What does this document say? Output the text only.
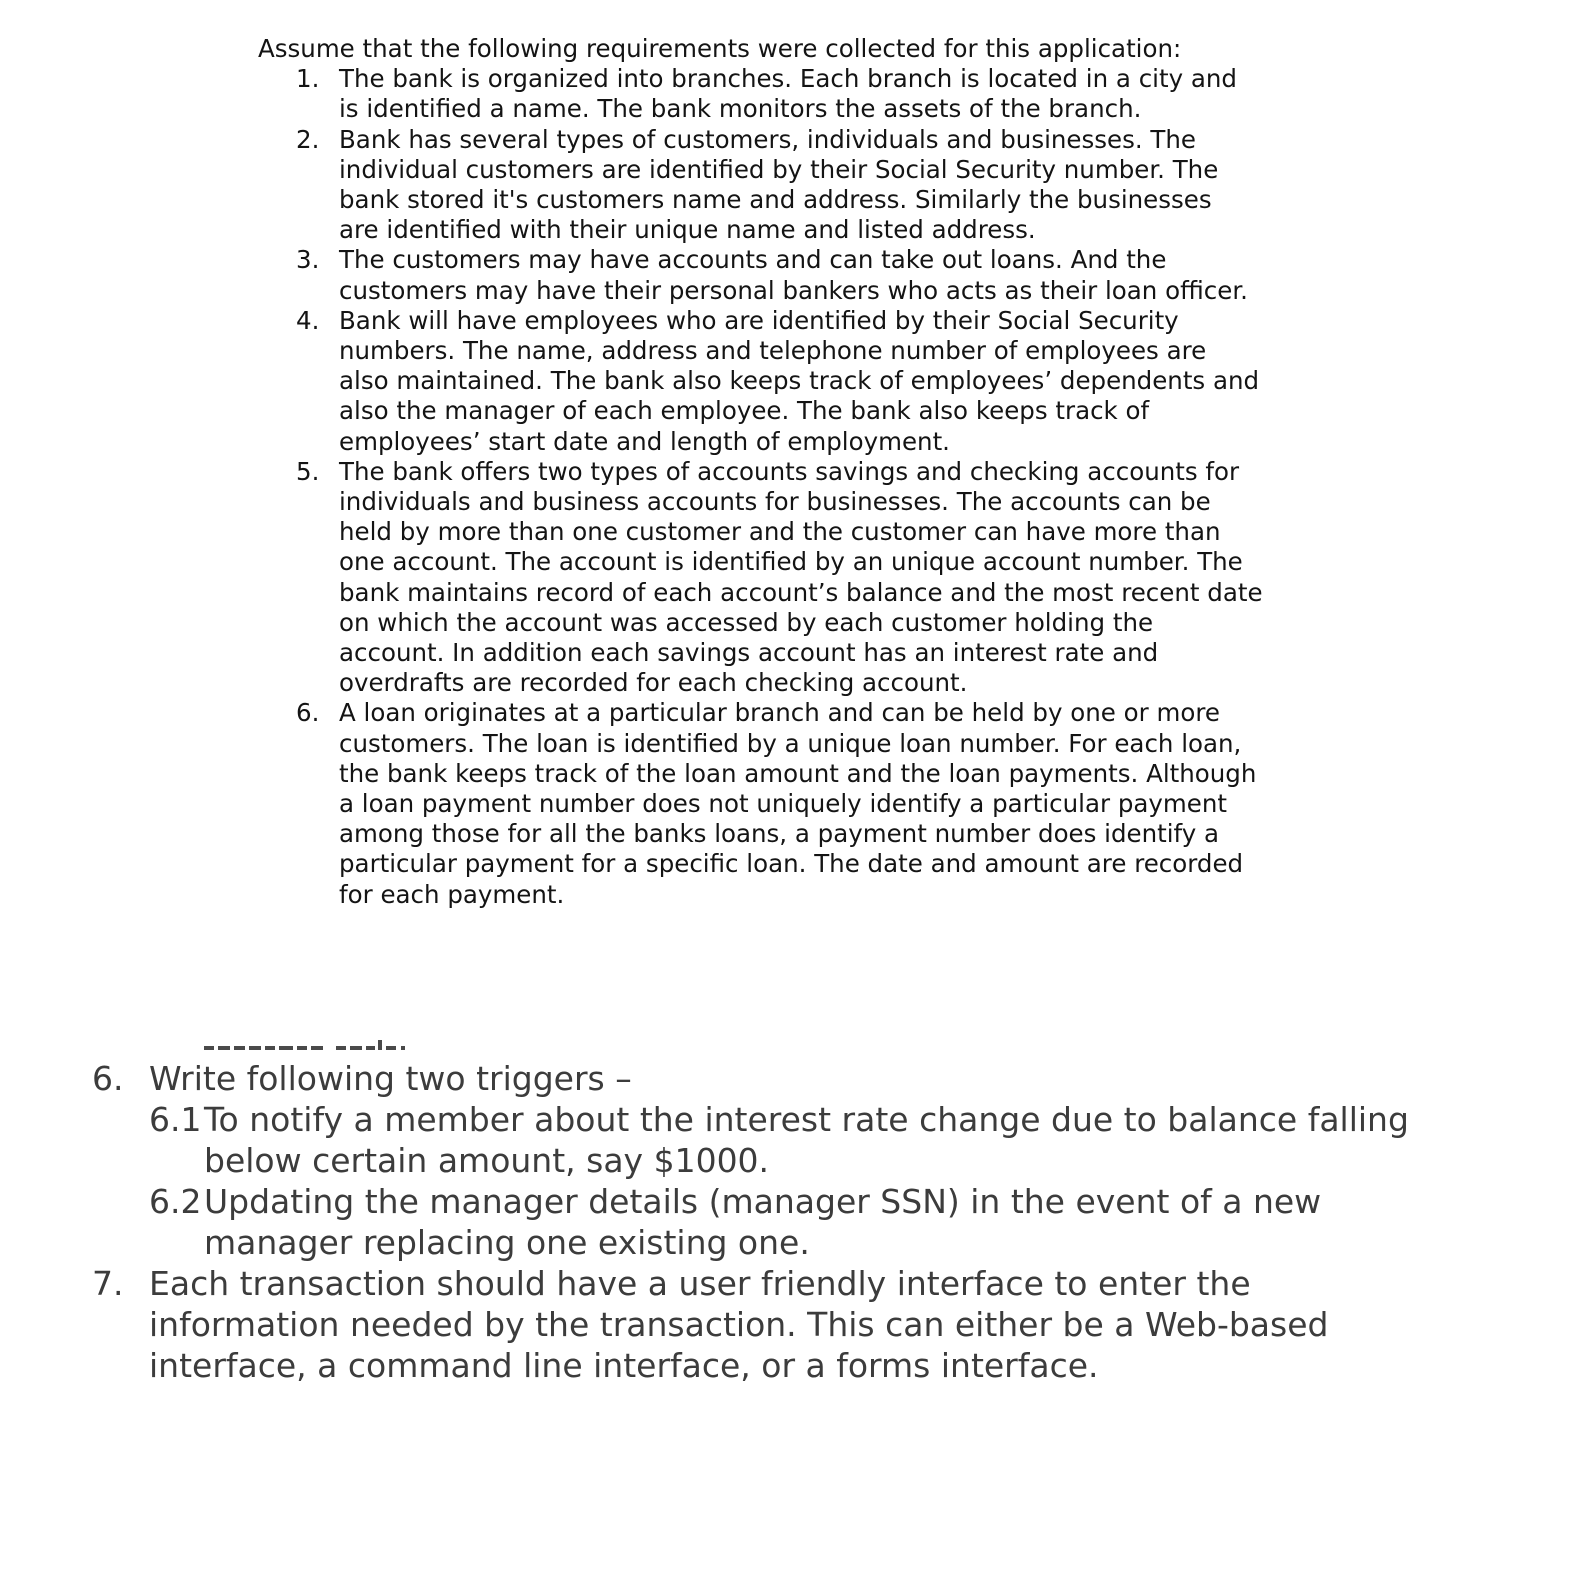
Assume that the following requirements were collected for this application:

1. The bank is organized into branches. Each branch is located in a city and
is identified a name. The bank monitors the assets of the branch.
2. Bank has several types of customers, individuals and businesses. The
individual customers are identified by their Social Security number. The
bank stored it's customers name and address. Similarly the businesses
are identified with their unique name and listed address.
3. The customers may have accounts and can take out loans. And the
customers may have their personal bankers who acts as their loan officer.
4. Bank will have employees who are identified by their Social Security
numbers. The name, address and telephone number of employees are
also maintained. The bank also keeps track of employees’ dependents and
also the manager of each employee. The bank also keeps track of
employees’ start date and length of employment.
5. The bank offers two types of accounts savings and checking accounts for
individuals and business accounts for businesses. The accounts can be
held by more than one customer and the customer can have more than
one account. The account is identified by an unique account number. The
bank maintains record of each account’s balance and the most recent date
on which the account was accessed by each customer holding the
account. In addition each savings account has an interest rate and
overdrafts are recorded for each checking account.
6. A loan originates at a particular branch and can be held by one or more
customers. The loan is identified by a unique loan number. For each loan,
the bank keeps track of the loan amount and the loan payments. Although
a loan payment number does not uniquely identify a particular payment
among those for all the banks loans, a payment number does identify a
particular payment for a specific loan. The date and amount are recorded
for each payment.
6. Write following two triggers –
6.1 To notify a member about the interest rate change due to balance falling
below certain amount, say $1000.
6.2 Updating the manager details (manager SSN) in the event of a new
manager replacing one existing one.
7. Each transaction should have a user friendly interface to enter the
information needed by the transaction. This can either be a Web-based
interface, a command line interface, or a forms interface.
